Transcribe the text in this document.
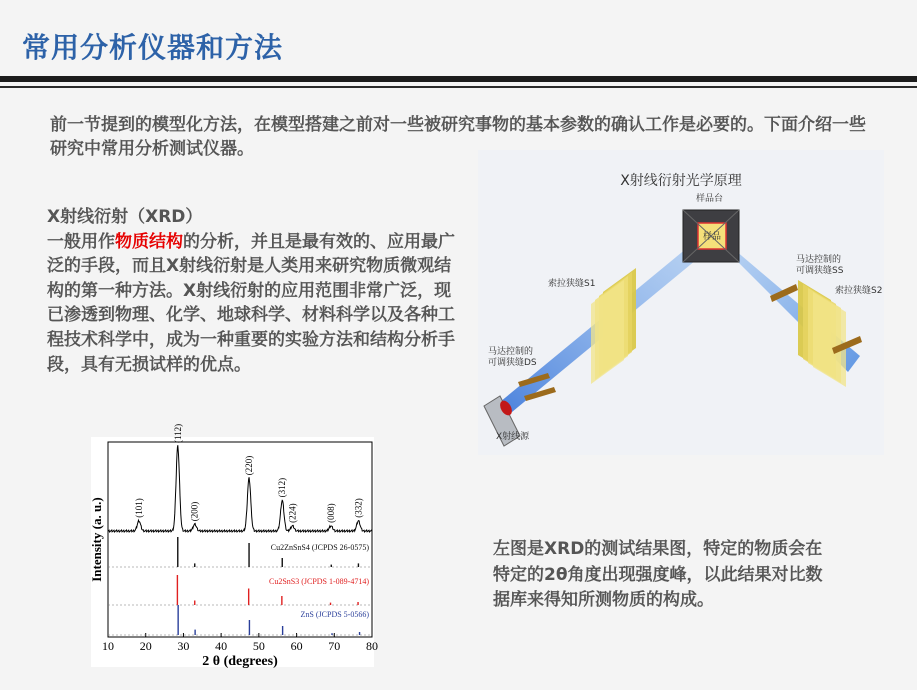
常用分析仪器和方法
前一节提到的模型化方法，在模型搭建之前对一些被研究事物的基本参数的确认工作是必要的。下面介绍一些研究中常用分析测试仪器。
X射线衍射（XRD）
一般用作物质结构的分析，并且是最有效的、应用最广泛的手段，而且X射线衍射是人类用来研究物质微观结构的第一种方法。X射线衍射的应用范围非常广泛，现已渗透到物理、化学、地球科学、材料科学以及各种工程技术科学中，成为一种重要的实验方法和结构分析手段，具有无损试样的优点。
左图是XRD的测试结果图，特定的物质会在特定的2θ角度出现强度峰，以此结果对比数据库来得知所测物质的构成。
X射线衍射光学原理
样品台
样品
索拉狭缝S1
索拉狭缝S2
马达控制的
可调狭缝DS
马达控制的
可调狭缝SS
X射线源
10 20 30 40 50 60 70 80
2 θ (degrees)
Intensity (a. u.)	(101)
(112)
(200)
(220)
(312)
(224)	(008) (332)
Cu2ZnSnS4 (JCPDS 26-0575)
Cu2SnS3 (JCPDS 1-089-4714)
ZnS (JCPDS 5-0566)
